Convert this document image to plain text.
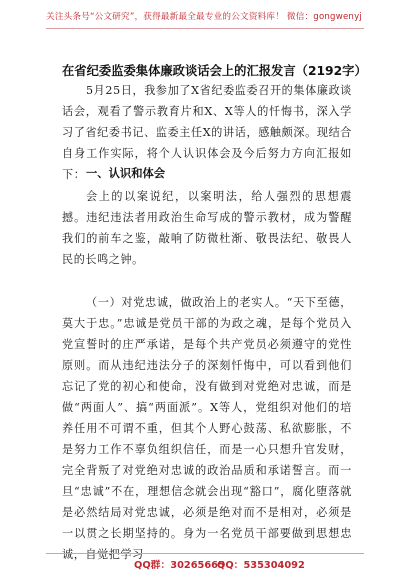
关注头条号“公文研究”，获得最新最全最专业的公文资料库！ 微信：gongwenyj
在省纪委监委集体廉政谈话会上的汇报发言（2192字）
5月25日，我参加了X省纪委监委召开的集体廉政谈话会，观看了警示教育片和X、X等人的忏悔书，深入学习了省纪委书记、监委主任X的讲话，感触颇深。现结合自身工作实际，将个人认识体会及今后努力方向汇报如下： 一、认识和体会
会上的以案说纪，以案明法，给人强烈的思想震撼。违纪违法者用政治生命写成的警示教材，成为警醒我们的前车之鉴，敲响了防微杜渐、敬畏法纪、敬畏人民的长鸣之钟。
（一）对党忠诚，做政治上的老实人。“天下至德，莫大于忠。”忠诚是党员干部的为政之魂，是每个党员入党宣誓时的庄严承诺，是每个共产党员必须遵守的党性原则。而从违纪违法分子的深刻忏悔中，可以看到他们忘记了党的初心和使命，没有做到对党绝对忠诚，而是做“两面人”、搞“两面派”。X等人，党组织对他们的培养任用不可谓不重，但其个人野心鼓荡、私欲膨胀，不是努力工作不辜负组织信任，而是一心只想升官发财，完全背叛了对党绝对忠诚的政治品质和承诺誓言。而一旦“忠诚”不在，理想信念就会出现“豁口”，腐化堕落就是必然结局对党忠诚，必须是绝对而不是相对，必须是一以贯之长期坚持的。身为一名党员干部要做到思想忠诚，自觉把学习
QQ群：30265665
QQ：535304092
